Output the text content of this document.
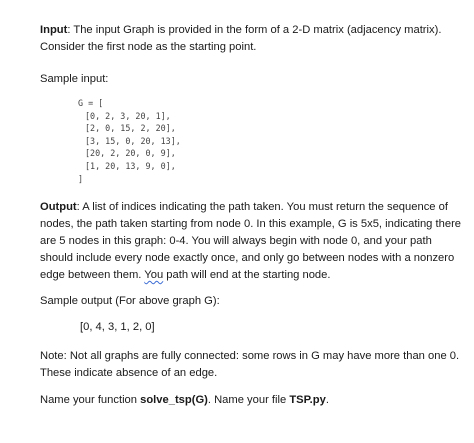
Input: The input Graph is provided in the form of a 2-D matrix (adjacency matrix). Consider the first node as the starting point.

Sample input:

G = [
[0, 2, 3, 20, 1],
[2, 0, 15, 2, 20],
[3, 15, 0, 20, 13],
[20, 2, 20, 0, 9],
[1, 20, 13, 9, 0],
]

Output: A list of indices indicating the path taken. You must return the sequence of nodes, the path taken starting from node 0. In this example, G is 5x5, indicating there are 5 nodes in this graph: 0-4. You will always begin with node 0, and your path should include every node exactly once, and only go between nodes with a nonzero edge between them. You path will end at the starting node.

Sample output (For above graph G):

[0, 4, 3, 1, 2, 0]

Note: Not all graphs are fully connected: some rows in G may have more than one 0. These indicate absence of an edge.

Name your function solve_tsp(G). Name your file TSP.py.
